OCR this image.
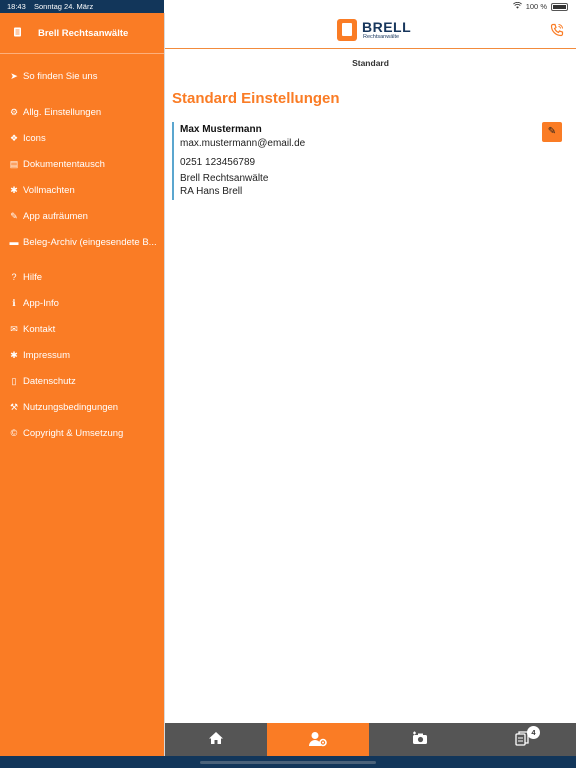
18:43 Sonntag 24. März	100 %
Brell Rechtsanwälte
➤ So finden Sie uns
⚙ Allg. Einstellungen
❖ Icons
▤ Dokumententausch
✱ Vollmachten
✎ App aufräumen
▬ Beleg-Archiv (eingesendete B...
? Hilfe
ℹ App-Info
✉ Kontakt
✱ Impressum
▯ Datenschutz
⚒ Nutzungsbedingungen
© Copyright & Umsetzung
BRELL
Rechtsanwälte
Standard
Standard Einstellungen
Max Mustermann
max.mustermann@email.de
0251 123456789
Brell Rechtsanwälte
RA Hans Brell
✎
4
